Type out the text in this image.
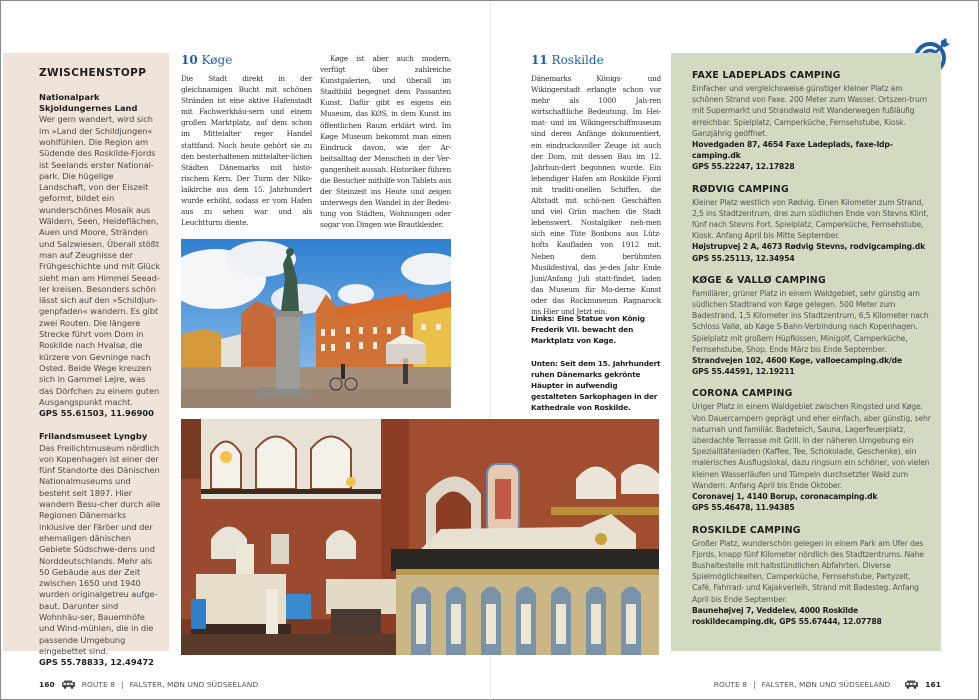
ZWISCHENSTOPP
Nationalpark Skjoldungernes Land
Wer gern wandert, wird sich im »Land der Schildjungen« wohlfühlen. Die Region am Südende des Roskilde-Fjords ist Seelands erster National-park. Die hügelige Landschaft, von der Eiszeit geformt, bildet ein wunderschönes Mosaik aus Wäldern, Seen, Heideflächen, Auen und Moore, Stränden und Salzwiesen. Überall stößt man auf Zeugnisse der Frühgeschichte und mit Glück sieht man am Himmel Seead-ler kreisen. Besonders schön lässt sich auf den »Schildjun-genpfaden« wandern. Es gibt zwei Routen. Die längere Strecke führt vom Dom in Roskilde nach Hvalsø, die kürzere von Gevninge nach Osted. Beide Wege kreuzen sich in Gammel Lejre, was das Dörfchen zu einem guten Ausgangspunkt macht.
GPS 55.61503, 11.96900
Frilandsmuseet Lyngby
Das Freilichtmuseum nördlich von Kopenhagen ist einer der fünf Standorte des Dänischen Nationalmuseums und besteht seit 1897. Hier wandern Besu-cher durch alle Regionen Dänemarks inklusive der Färöer und der ehemaligen dänischen Gebiete Südschwe-dens und Norddeutschlands. Mehr als 50 Gebäude aus der Zeit zwischen 1650 und 1940 wurden originalgetreu aufge-baut. Darunter sind Wohnhäu-ser, Bauernhöfe und Wind-mühlen, die in die passende Umgebung eingebettet sind.
GPS 55.78833, 12.49472
10 Køge

Die Stadt direkt in der gleichnamigen Bucht mit schönen Stränden ist eine aktive Hafenstadt mit Fachwerkhäu-sern und einem großen Marktplatz, auf dem schon im Mittelalter reger Handel stattfand. Noch heute gehört sie zu den besterhaltenen mittelalter-lichen Städten Dänemarks mit histo-rischem Kern. Der Turm der Niko-laikirche aus dem 15. Jahrhundert wurde erhöht, sodass er vom Hafen aus zu sehen war und als Leuchtturm diente.

Køge ist aber auch modern, verfügt über zahlreiche Kunstgalerien, und überall im Stadtbild begegnet dem Passanten Kunst. Dafür gibt es eigens ein Museum, das KØS, in dem Kunst im öffentlichen Raum erklärt wird. Im Køge Museum bekommt man einen Eindruck davon, wie der Ar-beitsalltag der Menschen in der Ver-gangenheit aussah. Historiker führen die Besucher mithilfe von Tablets aus der Steinzeit ins Heute und zeigen unterwegs den Wandel in der Bedeu-tung von Städten, Wohnungen oder sogar von Dingen wie Brautkleider.

11 Roskilde

Dänemarks Königs- und Wikingerstadt erlangte schon vor mehr als 1000 Jah-ren wirtschaftliche Bedeutung. Im Hei-mat- und im Wikingerschiffmuseum sind deren Anfänge dokumentiert, ein eindrucksvoller Zeuge ist auch der Dom, mit dessen Bau im 12. Jahrhun-dert begonnen wurde. Ein lebendiger Hafen am Roskilde Fjord mit traditi-onellen Schiffen, die Altstadt mit schö-nen Geschäften und viel Grün machen die Stadt lebenswert. Nostalgiker neh-men sich eine Tüte Bonbons aus Lütz-hofts Kaufladen von 1912 mit. Neben dem berühmten Musikfestival, das je-des Jahr Ende Juni/Anfang Juli statt-findet, laden das Museum für Mo-derne Kunst oder das Rockmuseum Ragnarock ins Hier und Jetzt ein.

Links: Eine Statue von König Frederik VII. bewacht den Marktplatz von Køge.

Unten: Seit dem 15. Jahrhundert ruhen Dänemarks gekrönte Häupter in aufwendig gestalteten Sarkophagen in der Kathedrale von Roskilde.

FAXE LADEPLADS CAMPING
Einfacher und vergleichsweise günstiger kleiner Platz am schönen Strand von Faxe. 200 Meter zum Wasser. Ortszen-trum mit Supermarkt und Strandwald mit Wanderwegen fußläufig erreichbar. Spielplatz, Camperküche, Fernsehstube, Kiosk. Ganzjährig geöffnet.
Hovedgaden 87, 4654 Faxe Ladeplads, faxe-ldp-camping.dk
GPS 55.22247, 12.17828
RØDVIG CAMPING
Kleiner Platz westlich von Rødvig. Einen Kilometer zum Strand, 2,5 ins Stadtzentrum, drei zum südlichen Ende von Stevns Klint, fünf nach Stevns Fort. Spielplatz, Camperküche, Fernsehstube, Kiosk. Anfang April bis Mitte September.
Højstrupvej 2 A, 4673 Rødvig Stevns, rodvigcamping.dk
GPS 55.25113, 12.34954
KØGE & VALLØ CAMPING
Familiärer, grüner Platz in einem Waldgebiet, sehr günstig am südlichen Stadtrand von Køge gelegen. 500 Meter zum Badestrand, 1,5 Kilometer ins Stadtzentrum, 6,5 Kilometer nach Schloss Vallø, ab Køge S-Bahn-Verbindung nach Kopenhagen. Spielplatz mit großem Hüpfkissen, Minigolf, Camperküche, Fernsehstube, Shop. Ende März bis Ende September.
Strandvejen 102, 4600 Køge, valloecamping.dk/de
GPS 55.44591, 12.19211
CORONA CAMPING
Uriger Platz in einem Waldgebiet zwischen Ringsted und Køge. Von Dauercampern geprägt und eher einfach, aber günstig, sehr naturnah und familiär. Badeteich, Sauna, Lagerfeuerplatz, überdachte Terrasse mit Grill. In der näheren Umgebung ein Spezialitätenladen (Kaffee, Tee, Schokolade, Geschenke), ein malerisches Ausflugslokal, dazu ringsum ein schöner, von vielen kleinen Wasserläufen und Tümpeln durchsetzter Wald zum Wandern. Anfang April bis Ende Oktober.
Coronavej 1, 4140 Borup, coronacamping.dk
GPS 55.46478, 11.94385
ROSKILDE CAMPING
Großer Platz, wunderschön gelegen in einem Park am Ufer des Fjords, knapp fünf Kilometer nördlich des Stadtzentrums. Nahe Bushaltestelle mit halbstündlichen Abfahrten. Diverse Spielmöglichkeiten, Camperküche, Fernsehstube, Partyzelt, Café, Fahrrad- und Kajakverleih, Strand mit Badesteg. Anfang April bis Ende September.
Baunehøjvej 7, Veddelev, 4000 Roskilde
roskildecamping.dk, GPS 55.67444, 12.07788
160	ROUTE 8 | FALSTER, MØN UND SÜDSEELAND	ROUTE 8 | FALSTER, MØN UND SÜDSEELAND	161
